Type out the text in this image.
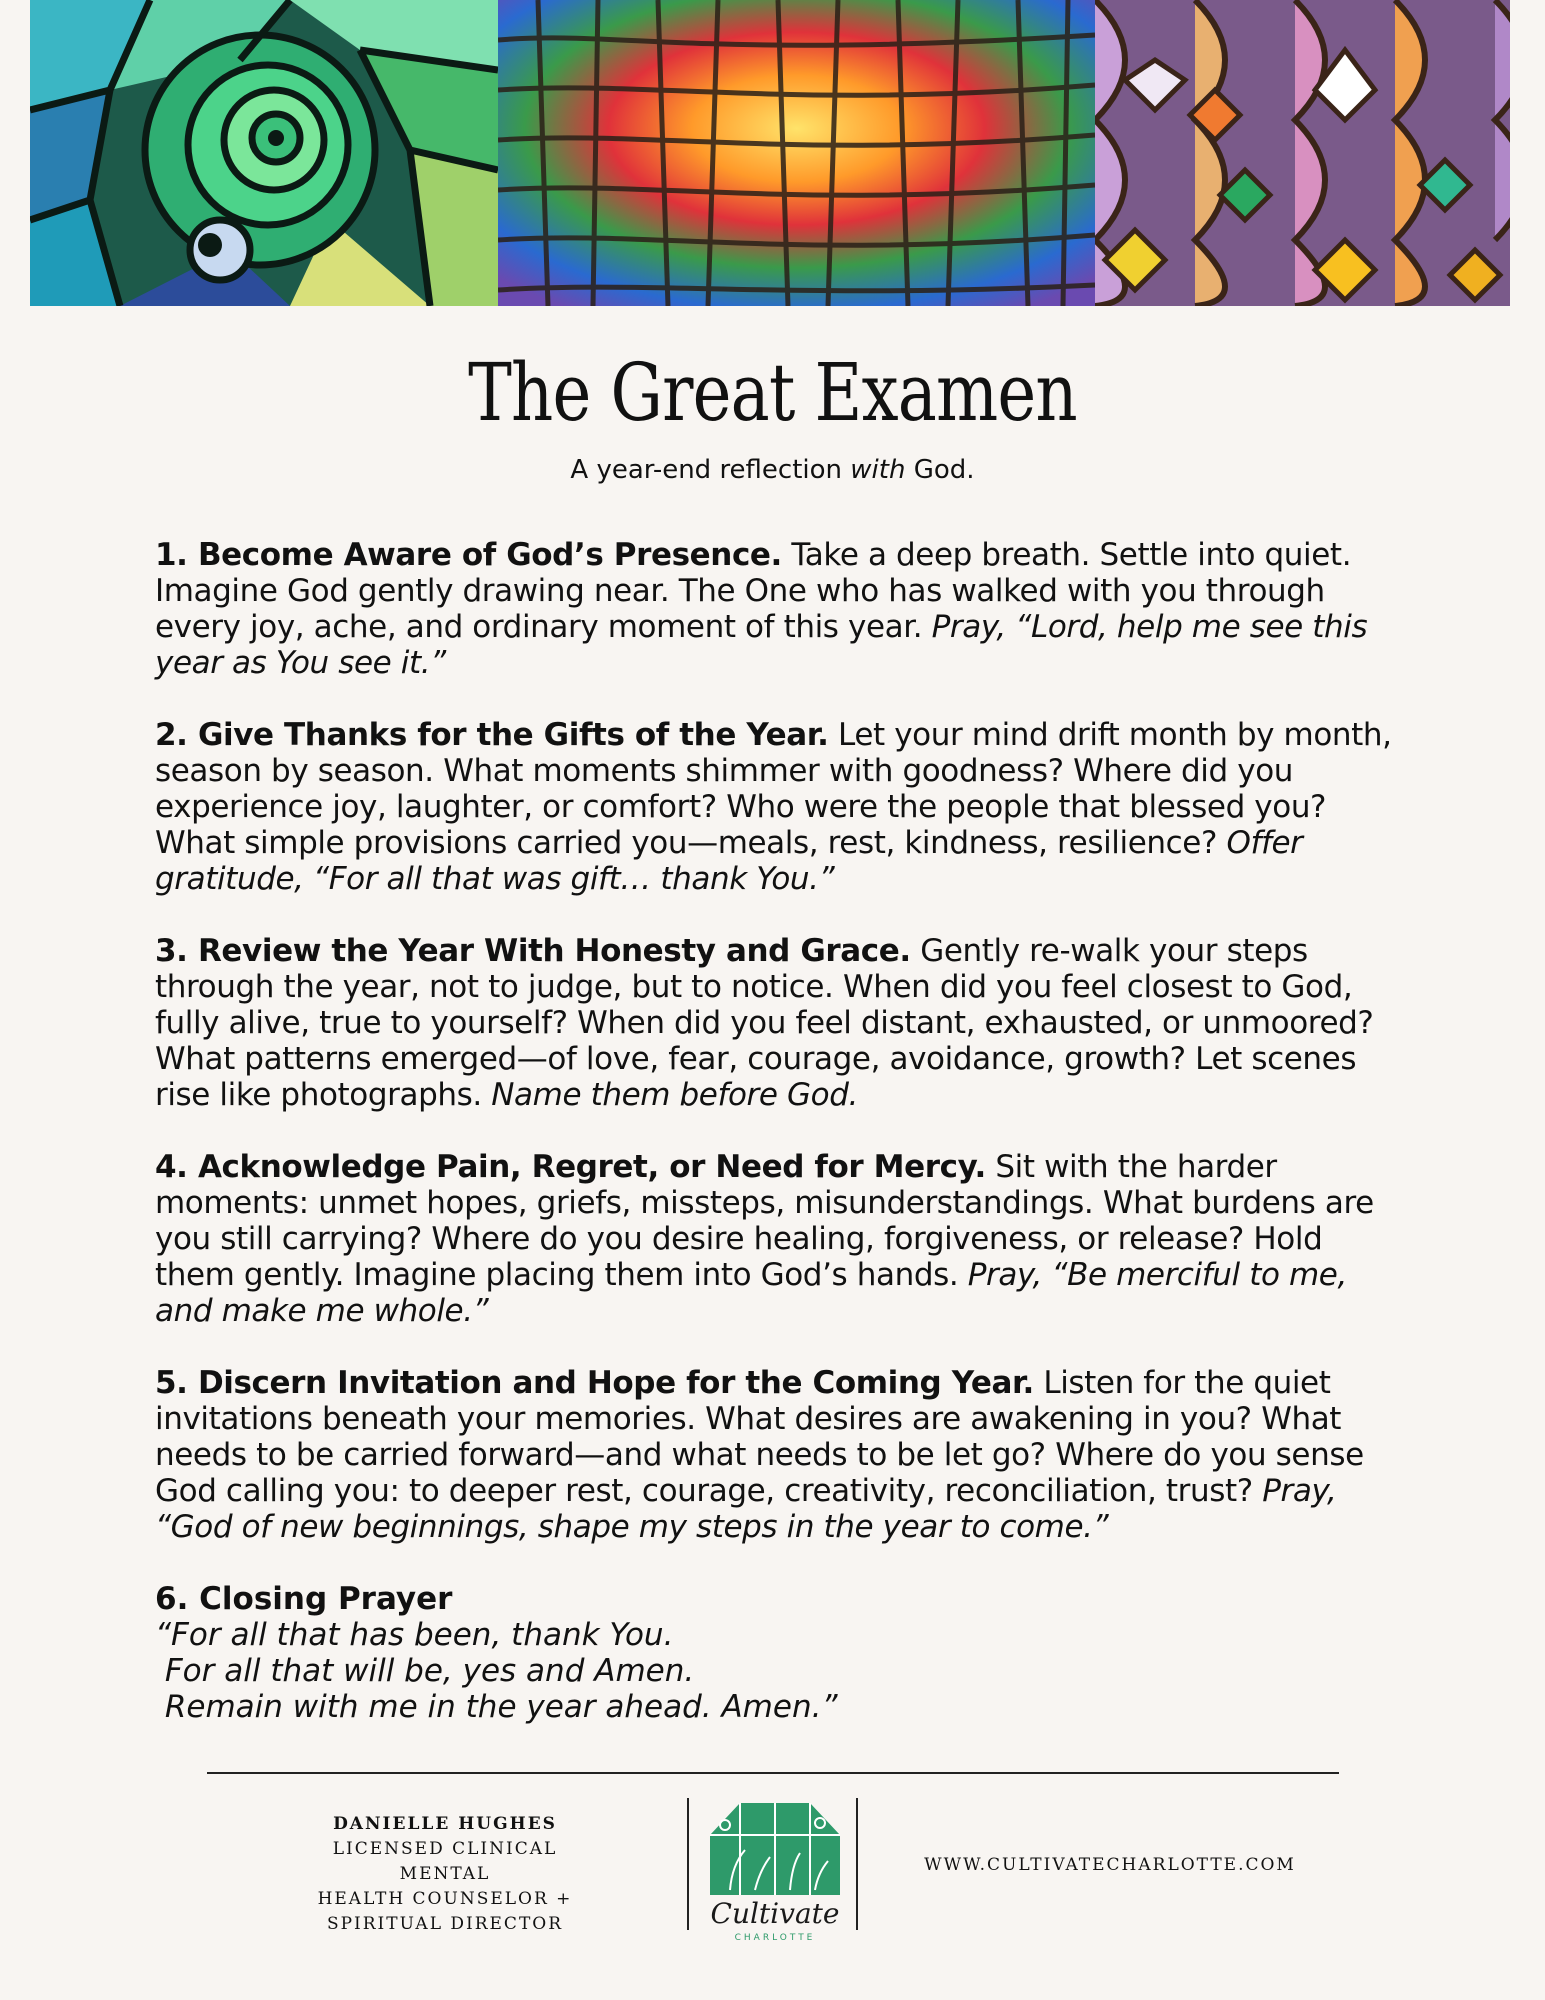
The Great Examen
A year-end reflection with God.

1. Become Aware of God’s Presence. Take a deep breath. Settle into quiet. Imagine God gently drawing near. The One who has walked with you through every joy, ache, and ordinary moment of this year. Pray, “Lord, help me see this year as You see it.”

2. Give Thanks for the Gifts of the Year. Let your mind drift month by month, season by season. What moments shimmer with goodness? Where did you experience joy, laughter, or comfort? Who were the people that blessed you? What simple provisions carried you—meals, rest, kindness, resilience? Offer gratitude, “For all that was gift… thank You.”

3. Review the Year With Honesty and Grace. Gently re-walk your steps through the year, not to judge, but to notice. When did you feel closest to God, fully alive, true to yourself? When did you feel distant, exhausted, or unmoored? What patterns emerged—of love, fear, courage, avoidance, growth? Let scenes rise like photographs. Name them before God.

4. Acknowledge Pain, Regret, or Need for Mercy. Sit with the harder moments: unmet hopes, griefs, missteps, misunderstandings. What burdens are you still carrying? Where do you desire healing, forgiveness, or release? Hold them gently. Imagine placing them into God’s hands. Pray, “Be merciful to me, and make me whole.”

5. Discern Invitation and Hope for the Coming Year. Listen for the quiet invitations beneath your memories. What desires are awakening in you? What needs to be carried forward—and what needs to be let go? Where do you sense God calling you: to deeper rest, courage, creativity, reconciliation, trust? Pray, “God of new beginnings, shape my steps in the year to come.”

6. Closing Prayer
“For all that has been, thank You.
For all that will be, yes and Amen.
Remain with me in the year ahead. Amen.”
DANIELLE HUGHES
LICENSED CLINICAL MENTAL
HEALTH COUNSELOR +
SPIRITUAL DIRECTOR	Cultivate
CHARLOTTE
WWW.CULTIVATECHARLOTTE.COM
